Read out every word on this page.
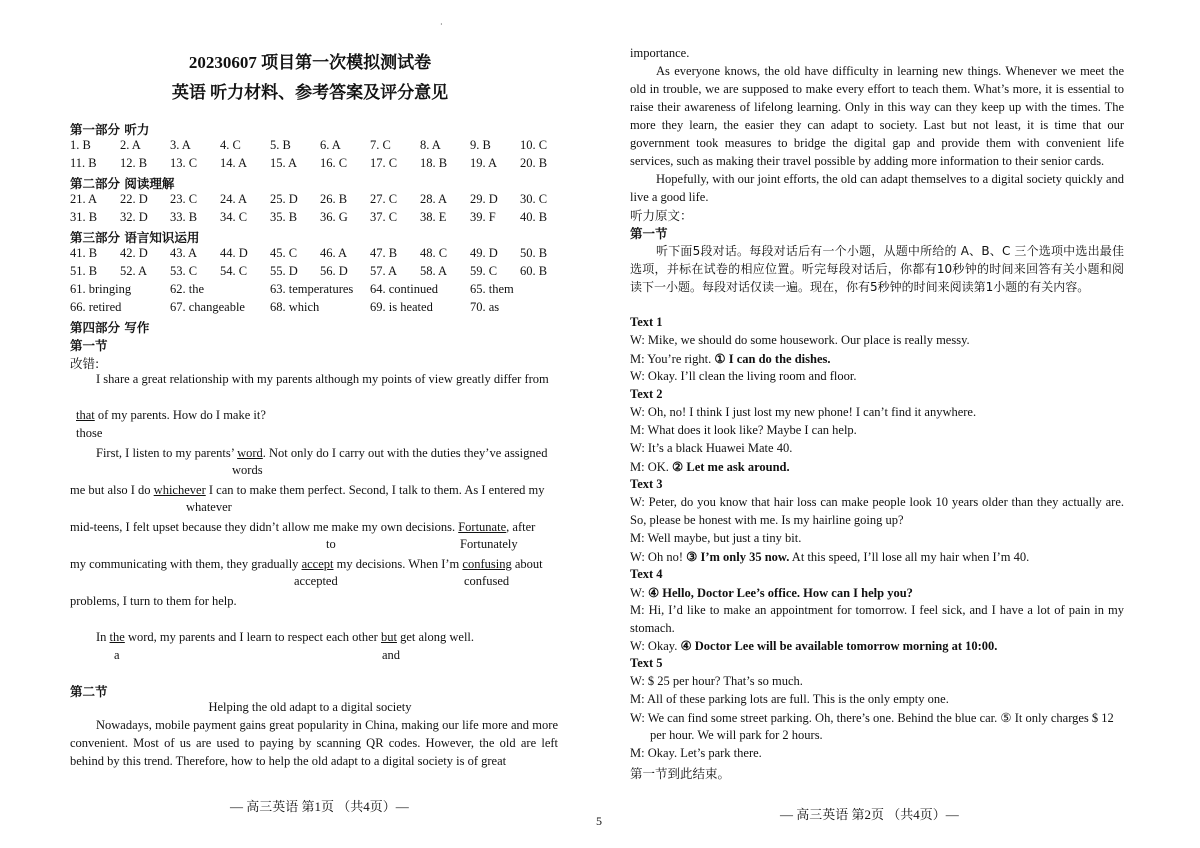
20230607 项目第一次模拟测试卷
英语 听力材料、参考答案及评分意见
第一部分 听力
1. B 2. A 3. A 4. C 5. B 6. A 7. C 8. A 9. B 10. C
11. B 12. B 13. C 14. A 15. A 16. C 17. C 18. B 19. A 20. B
第二部分 阅读理解
21. A 22. D 23. C 24. A 25. D 26. B 27. C 28. A 29. D 30. C
31. B 32. D 33. B 34. C 35. B 36. G 37. C 38. E 39. F 40. B
第三部分 语言知识运用
41. B 42. D 43. A 44. D 45. C 46. A 47. B 48. C 49. D 50. B
51. B 52. A 53. C 54. C 55. D 56. D 57. A 58. A 59. C 60. B
61. bringing	62. the	63. temperatures 64. continued	65. them
66. retired	67. changeable 68. which	69. is heated	70. as
第四部分 写作
第一节
改错:
I share a great relationship with my parents although my points of view greatly differ from
that of my parents. How do I make it?
those
First, I listen to my parents’ word. Not only do I carry out with the duties they’ve assigned
words
me but also I do whichever I can to make them perfect. Second, I talk to them. As I entered my
whatever
mid-teens, I felt upset because they didn’t allow me make my own decisions. Fortunate, after
to	Fortunately
my communicating with them, they gradually accept my decisions. When I’m confusing about
accepted	confused
problems, I turn to them for help.
In the word, my parents and I learn to respect each other but get along well.
a	and
第二节
Helping the old adapt to a digital society
Nowadays, mobile payment gains great popularity in China, making our life more and more convenient. Most of us are used to paying by scanning QR codes. However, the old are left behind by this trend. Therefore, how to help the old adapt to a digital society is of great
— 高三英语 第1页 （共4页）—
·
5
importance.
As everyone knows, the old have difficulty in learning new things. Whenever we meet the old in trouble, we are supposed to make every effort to teach them. What’s more, it is essential to raise their awareness of lifelong learning. Only in this way can they keep up with the times. The more they learn, the easier they can adapt to society. Last but not least, it is time that our government took measures to bridge the digital gap and provide them with convenient life services, such as making their travel possible by adding more information to their senior cards.
Hopefully, with our joint efforts, the old can adapt themselves to a digital society quickly and live a good life.
听力原文：
第一节
听下面5段对话。每段对话后有一个小题，从题中所给的 A、B、C 三个选项中选出最佳选项，并标在试卷的相应位置。听完每段对话后，你都有10秒钟的时间来回答有关小题和阅读下一小题。每段对话仅读一遍。现在，你有5秒钟的时间来阅读第1小题的有关内容。
Text 1
W: Mike, we should do some housework. Our place is really messy.
M: You’re right. ① I can do the dishes.
W: Okay. I’ll clean the living room and floor.
Text 2
W: Oh, no! I think I just lost my new phone! I can’t find it anywhere.
M: What does it look like? Maybe I can help.
W: It’s a black Huawei Mate 40.
M: OK. ② Let me ask around.
Text 3
W: Peter, do you know that hair loss can make people look 10 years older than they actually are. So, please be honest with me. Is my hairline going up?
M: Well maybe, but just a tiny bit.
W: Oh no! ③ I’m only 35 now. At this speed, I’ll lose all my hair when I’m 40.
Text 4
W: ④ Hello, Doctor Lee’s office. How can I help you?
M: Hi, I’d like to make an appointment for tomorrow. I feel sick, and I have a lot of pain in my stomach.
W: Okay. ④ Doctor Lee will be available tomorrow morning at 10:00.
Text 5
W: $ 25 per hour? That’s so much.
M: All of these parking lots are full. This is the only empty one.
W: We can find some street parking. Oh, there’s one. Behind the blue car. ⑤ It only charges $ 12
per hour. We will park for 2 hours.
M: Okay. Let’s park there.
第一节到此结束。
— 高三英语 第2页 （共4页）—
